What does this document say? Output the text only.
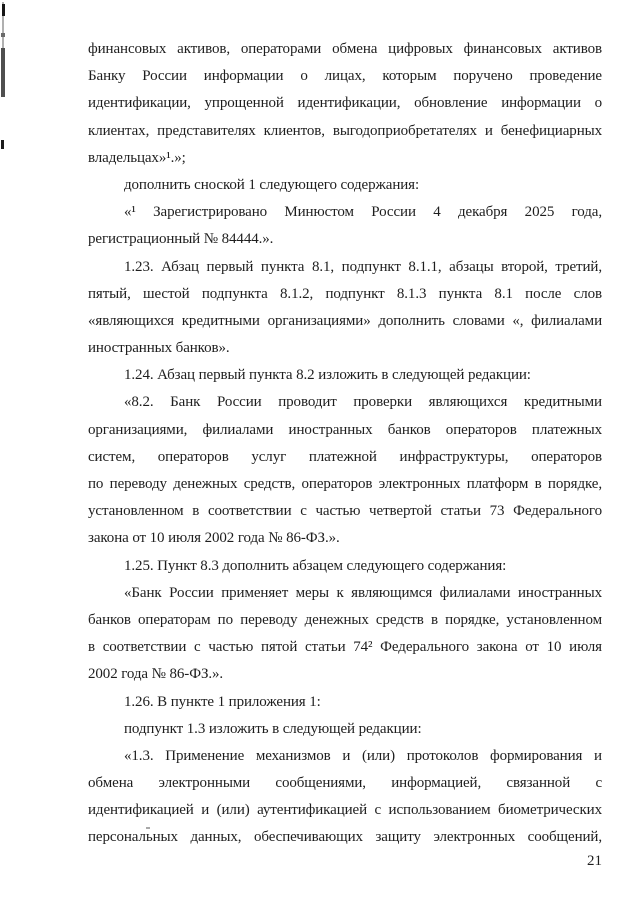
финансовых активов, операторами обмена цифровых финансовых активов
Банку России информации о лицах, которым поручено проведение
идентификации, упрощенной идентификации, обновление информации о
клиентах, представителях клиентов, выгодоприобретателях и бенефициарных
владельцах»¹.»;
дополнить сноской 1 следующего содержания:
«¹ Зарегистрировано Минюстом России 4 декабря 2025 года,
регистрационный № 84444.».
1.23. Абзац первый пункта 8.1, подпункт 8.1.1, абзацы второй, третий,
пятый, шестой подпункта 8.1.2, подпункт 8.1.3 пункта 8.1 после слов
«являющихся кредитными организациями» дополнить словами «, филиалами
иностранных банков».
1.24. Абзац первый пункта 8.2 изложить в следующей редакции:
«8.2. Банк России проводит проверки являющихся кредитными
организациями, филиалами иностранных банков операторов платежных
систем, операторов услуг платежной инфраструктуры, операторов
по переводу денежных средств, операторов электронных платформ в порядке,
установленном в соответствии с частью четвертой статьи 73 Федерального
закона от 10 июля 2002 года № 86-ФЗ.».
1.25. Пункт 8.3 дополнить абзацем следующего содержания:
«Банк России применяет меры к являющимся филиалами иностранных
банков операторам по переводу денежных средств в порядке, установленном
в соответствии с частью пятой статьи 74² Федерального закона от 10 июля
2002 года № 86-ФЗ.».
1.26. В пункте 1 приложения 1:
подпункт 1.3 изложить в следующей редакции:
«1.3. Применение механизмов и (или) протоколов формирования и
обмена электронными сообщениями, информацией, связанной с
идентификацией и (или) аутентификацией с использованием биометрических
персональных данных, обеспечивающих защиту электронных сообщений,
21
